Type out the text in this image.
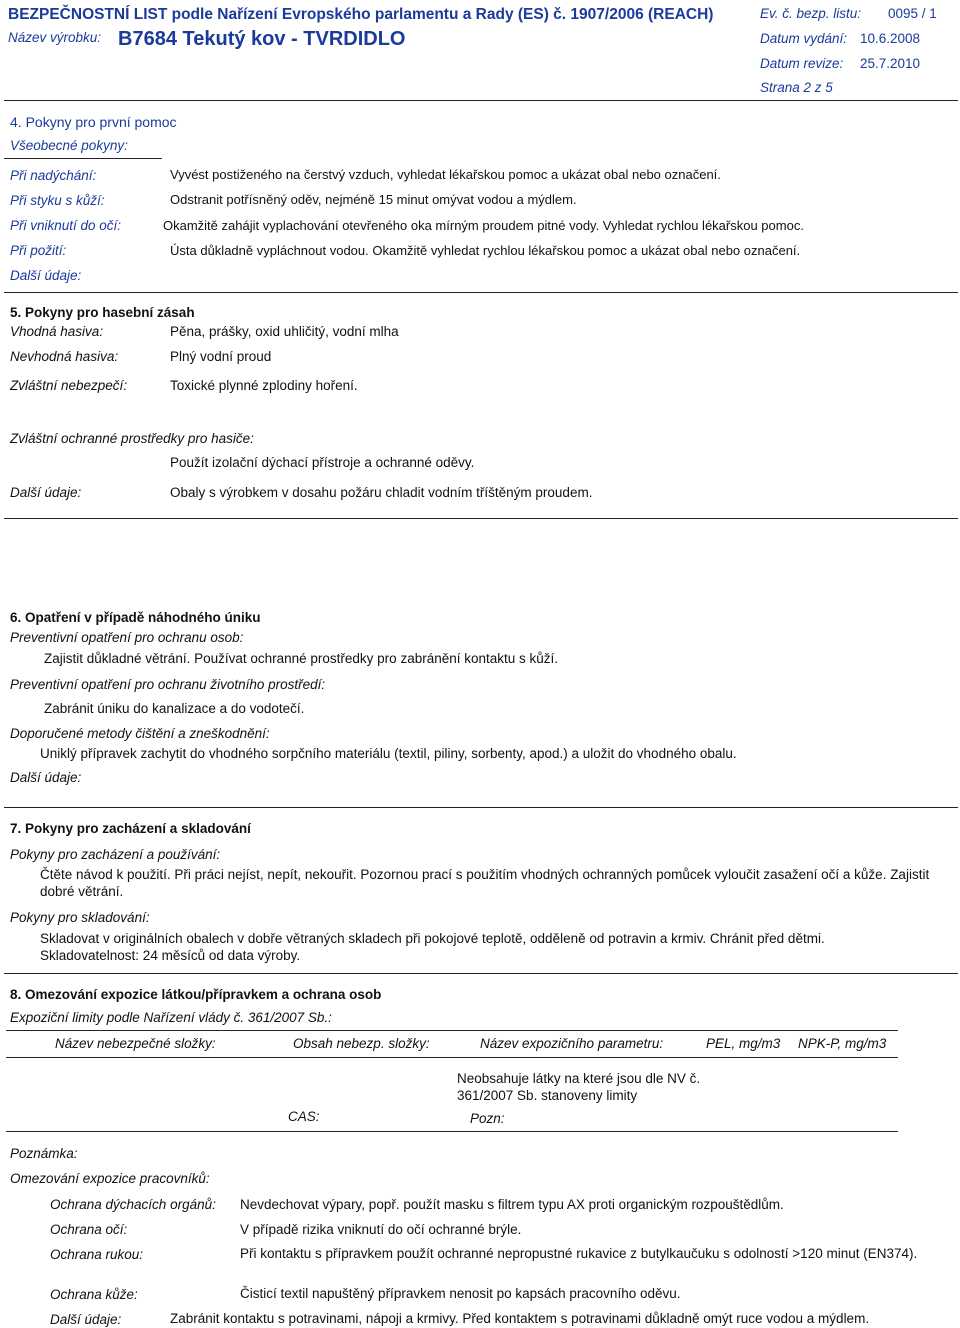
BEZPEČNOSTNÍ LIST podle Nařízení Evropského parlamentu a Rady (ES) č. 1907/2006 (REACH)	Ev. č. bezp. listu: 0095 / 1
Název výrobku: B7684 Tekutý kov - TVRDIDLO	Datum vydání: 10.6.2008
Datum revize: 25.7.2010
Strana 2 z 5
4. Pokyny pro první pomoc
Všeobecné pokyny:
Při nadýchání:	Vyvést postiženého na čerstvý vzduch, vyhledat lékařskou pomoc a ukázat obal nebo označení.
Při styku s kůží:	Odstranit potřísněný oděv, nejméně 15 minut omývat vodou a mýdlem.
Při vniknutí do očí:	Okamžitě zahájit vyplachování otevřeného oka mírným proudem pitné vody. Vyhledat rychlou lékařskou pomoc.
Při požití:	Ústa důkladně vypláchnout vodou. Okamžitě vyhledat rychlou lékařskou pomoc a ukázat obal nebo označení.
Další údaje:
5. Pokyny pro hasební zásah
Vhodná hasiva:	Pěna, prášky, oxid uhličitý, vodní mlha
Nevhodná hasiva:	Plný vodní proud
Zvláštní nebezpečí:	Toxické plynné zplodiny hoření.
Zvláštní ochranné prostředky pro hasiče:
Použít izolační dýchací přístroje a ochranné oděvy.
Další údaje:	Obaly s výrobkem v dosahu požáru chladit vodním tříštěným proudem.
6. Opatření v případě náhodného úniku
Preventivní opatření pro ochranu osob:
Zajistit důkladné větrání. Používat ochranné prostředky pro zabránění kontaktu s kůží.
Preventivní opatření pro ochranu životního prostředí:
Zabránit úniku do kanalizace a do vodotečí.
Doporučené metody čištění a zneškodnění:
Uniklý přípravek zachytit do vhodného sorpčního materiálu (textil, piliny, sorbenty, apod.) a uložit do vhodného obalu.
Další údaje:
7. Pokyny pro zacházení a skladování
Pokyny pro zacházení a používání:
Čtěte návod k použití. Při práci nejíst, nepít, nekouřit. Pozornou prací s použitím vhodných ochranných pomůcek vyloučit zasažení očí a kůže. Zajistit dobré větrání.
Pokyny pro skladování:
Skladovat v originálních obalech v dobře větraných skladech při pokojové teplotě, odděleně od potravin a krmiv. Chránit před dětmi. Skladovatelnost: 24 měsíců od data výroby.
8. Omezování expozice látkou/přípravkem a ochrana osob
Expoziční limity podle Nařízení vlády č. 361/2007 Sb.:
Název nebezpečné složky:	Obsah nebezp. složky:	Název expozičního parametru:	PEL, mg/m3 NPK-P, mg/m3
Neobsahuje látky na které jsou dle NV č. 361/2007 Sb. stanoveny limity
CAS:	Pozn:
Poznámka:
Omezování expozice pracovníků:
Ochrana dýchacích orgánů: Nevdechovat výpary, popř. použít masku s filtrem typu AX proti organickým rozpouštědlům.
Ochrana očí:	V případě rizika vniknutí do očí ochranné brýle.
Ochrana rukou:	Při kontaktu s přípravkem použít ochranné nepropustné rukavice z butylkaučuku s odolností >120 minut (EN374).
Ochrana kůže:	Čisticí textil napuštěný přípravkem nenosit po kapsách pracovního oděvu.
Další údaje:	Zabránit kontaktu s potravinami, nápoji a krmivy. Před kontaktem s potravinami důkladně omýt ruce vodou a mýdlem.
